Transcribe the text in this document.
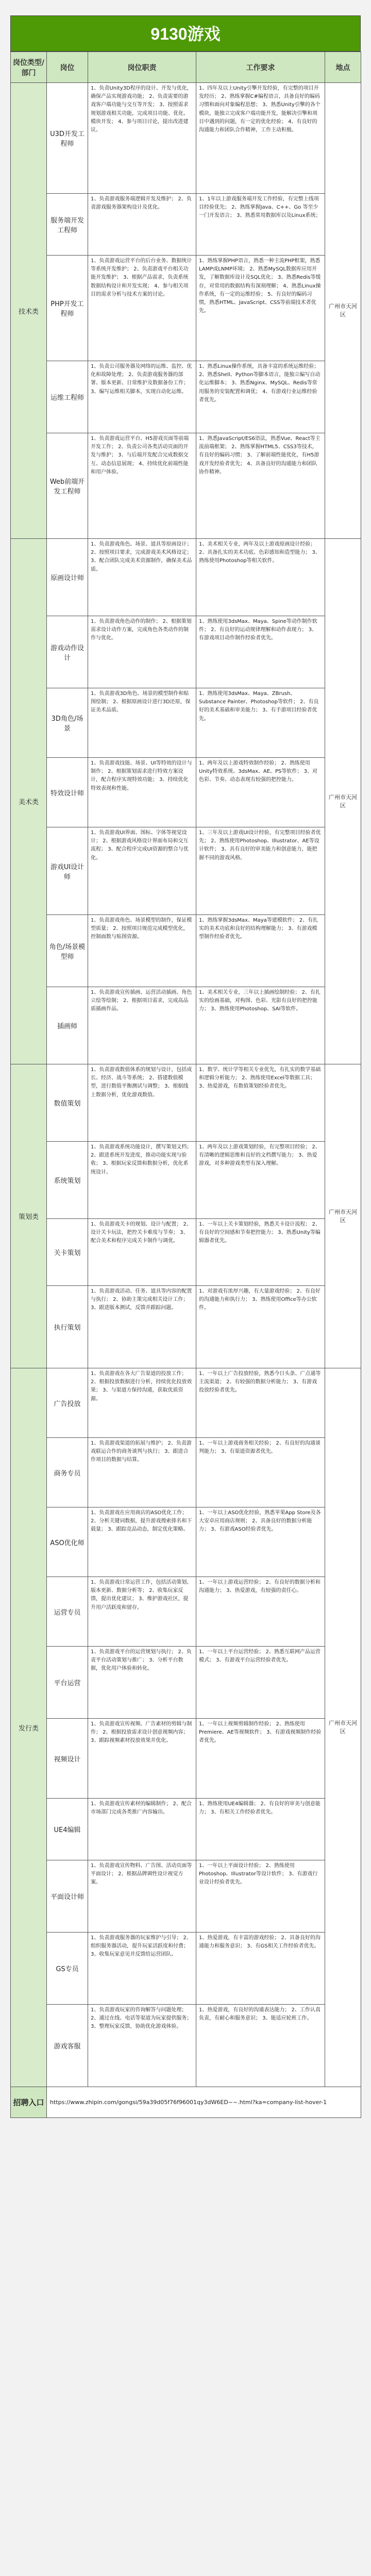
9130游戏
岗位类型/部门	岗位	岗位职责	工作要求	地点
技术类	U3D开发工程师	1、负责Unity3D程序的设计、开发与优化，确保产品实现游戏功能； 2、负责需要的游戏客户端功能与交互等开发； 3、按照需求规划游戏相关功能，完成项目功能、优化、模块开发； 4、参与项目讨论，提出改进建议。	1、四年及以上Unity引擎开发经验，有完整的项目开发经历； 2、熟练掌握C#编程语言，具备良好的编码习惯和面向对象编程思想； 3、熟悉Unity引擎的各个模块，能独立完成客户端功能开发，能解决引擎和项目中遇到的问题，有一定的优化经验； 4、有良好的沟通能力和团队合作精神，工作主动积极。	广州市天河区
	服务端开发工程师	1、负责游戏服务端逻辑开发及维护； 2、负责游戏服务器架构设计及优化。	1、1年以上游戏服务端开发工作经验，有完整上线项目经验优先； 2、熟练掌握Java、C++、Go 等至少一门开发语言； 3、熟悉常用数据库以及Linux系统；	
	PHP开发工程师	1、负责游戏运营平台的后台业务、数据统计等系统开发维护； 2、负责游戏平台相关功能开发维护； 3、根据产品需求，负责系统数据结构设计和开发实现； 4、参与相关项目的需求分析与技术方案的讨论。	1、熟练掌握PHP语言，熟悉一种主流PHP框架，熟悉LAMP或LNMP环境； 2、熟悉MySQL数据库应用开发，了解数据库设计及SQL优化； 3、熟悉Redis等缓存，对常用的数据结构有深刻理解； 4、熟悉Linux操作系统，有一定的运维经验； 5、有良好的编码习惯，熟悉HTML、JavaScript、CSS等前端技术者优先。	
	运维工程师	1、负责公司服务器及网络的运维、监控、优化和故障处理； 2、负责游戏服务器的部署、版本更新、日常维护及数据备份工作； 3、编写运维相关脚本，实现自动化运维。	1、熟悉Linux操作系统，具备丰富的系统运维经验； 2、熟悉Shell、Python等脚本语言，能独立编写自动化运维脚本； 3、熟悉Nginx、MySQL、Redis等常用服务的安装配置和调优； 4、有游戏行业运维经验者优先。	
	Web前端开发工程师	1、负责游戏运营平台、H5游戏页面等前端开发工作； 2、负责公司各类活动页面的开发与维护； 3、与后端开发配合完成数据交互、动态信息展现； 4、持续优化前端性能和用户体验。	1、熟悉JavaScript/ES6语法，熟悉Vue、React等主流前端框架； 2、熟练掌握HTML5、CSS3等技术，有良好的编码习惯； 3、了解前端性能优化，有H5游戏开发经验者优先； 4、具备良好的沟通能力和团队协作精神。	
美术类	原画设计师	1、负责游戏角色、场景、道具等原画设计； 2、按照项目要求，完成游戏美术风格设定； 3、配合团队完成美术资源制作，确保美术品质。	1、美术相关专业，两年及以上游戏原画设计经验； 2、具备扎实的美术功底、色彩感知和造型能力； 3、熟练使用Photoshop等相关软件。	广州市天河区
	游戏动作设计	1、负责游戏角色动作的制作； 2、根据策划需求设计动作方案，完成角色各类动作的制作与优化。	1、熟练使用3dsMax、Maya、Spine等动作制作软件； 2、有良好的运动规律理解和动作表现力； 3、有游戏项目动作制作经验者优先。	
	3D角色/场景	1、负责游戏3D角色、场景的模型制作和贴图绘制； 2、根据原画设计进行3D还原，保证美术品质。	1、熟练使用3dsMax、Maya、ZBrush、Substance Painter、Photoshop等软件； 2、有良好的美术基础和审美能力； 3、有手游项目经验者优先。	
	特效设计师	1、负责游戏技能、场景、UI等特效的设计与制作； 2、根据策划需求进行特效方案设计，配合程序实现特效功能； 3、持续优化特效表现和性能。	1、两年及以上游戏特效制作经验； 2、熟练使用Unity特效系统、3dsMax、AE、PS等软件； 3、对色彩、节奏、动态表现有较强的把控能力。	
	游戏UI设计师	1、负责游戏UI界面、图标、字体等视觉设计； 2、根据游戏风格设计界面布局和交互流程； 3、配合程序完成UI资源的整合与优化。	1、三年及以上游戏UI设计经验，有完整项目经验者优先； 2、熟练使用Photoshop、Illustrator、AE等设计软件； 3、具有良好的审美能力和创意能力，能把握不同的游戏风格。	
	角色/场景模型师	1、负责游戏角色、场景模型的制作，保证模型质量； 2、按照项目规范完成模型优化，控制面数与贴图资源。	1、熟练掌握3dsMax、Maya等建模软件； 2、有扎实的美术功底和良好的结构理解能力； 3、有游戏模型制作经验者优先。	
	插画师	1、负责游戏宣传插画、运营活动插画、角色立绘等绘制； 2、根据项目需求，完成高品质插画作品。	1、美术相关专业，三年以上插画绘制经验； 2、有扎实的绘画基础，对构图、色彩、光影有良好的把控能力； 3、熟练使用Photoshop、SAI等软件。	
策划类	数值策划	1、负责游戏数值体系的规划与设计，包括成长、经济、战斗等系统； 2、搭建数值模型，进行数值平衡测试与调整； 3、根据线上数据分析，优化游戏数值。	1、数学、统计学等相关专业优先，有扎实的数学基础和逻辑分析能力； 2、熟练使用Excel等数据工具； 3、热爱游戏，有数值策划经验者优先。	广州市天河区
	系统策划	1、负责游戏系统功能设计，撰写策划文档； 2、跟进系统开发进度，推动功能实现与验收； 3、根据玩家反馈和数据分析，优化系统设计。	1、两年及以上游戏策划经验，有完整项目经验； 2、有清晰的逻辑思维和良好的文档撰写能力； 3、热爱游戏，对多种游戏类型有深入理解。	
	关卡策划	1、负责游戏关卡的规划、设计与配置； 2、设计关卡玩法，把控关卡难度与节奏； 3、配合美术和程序完成关卡制作与调优。	1、一年以上关卡策划经验，熟悉关卡设计流程； 2、有良好的空间感和节奏把控能力； 3、熟悉Unity等编辑器者优先。	
	执行策划	1、负责游戏活动、任务、道具等内容的配置与执行； 2、协助主策完成相关设计工作； 3、跟进版本测试，反馈并跟踪问题。	1、对游戏有浓厚兴趣，有大量游戏经验； 2、有良好的沟通能力和执行力； 3、熟练使用Office等办公软件。	
发行类	广告投放	1、负责游戏在各大广告渠道的投放工作； 2、根据投放数据进行分析，持续优化投放效果； 3、与渠道方保持沟通，获取优质资源。	1、一年以上广告投放经验，熟悉今日头条、广点通等主流渠道； 2、有较强的数据分析能力； 3、有游戏投放经验者优先。	广州市天河区
	商务专员	1、负责游戏渠道的拓展与维护； 2、负责游戏联运合作的商务谈判与执行； 3、跟进合作项目的数据与结算。	1、一年以上游戏商务相关经验； 2、有良好的沟通谈判能力； 3、有渠道资源者优先。	
	ASO优化师	1、负责游戏在应用商店的ASO优化工作； 2、分析关键词数据，提升游戏搜索排名和下载量； 3、跟踪竞品动态，制定优化策略。	1、一年以上ASO优化经验，熟悉苹果App Store及各大安卓应用商店规则； 2、具备良好的数据分析能力； 3、有游戏ASO经验者优先。	
	运营专员	1、负责游戏日常运营工作，包括活动策划、版本更新、数据分析等； 2、收集玩家反馈，提出优化建议； 3、维护游戏社区，提升用户活跃度和留存。	1、一年以上游戏运营经验； 2、有良好的数据分析和沟通能力； 3、热爱游戏，有较强的责任心。	
	平台运营	1、负责游戏平台的运营规划与执行； 2、负责平台活动策划与推广； 3、分析平台数据，优化用户体验和转化。	1、一年以上平台运营经验； 2、熟悉互联网产品运营模式； 3、有游戏平台运营经验者优先。	
	视频设计	1、负责游戏宣传视频、广告素材的剪辑与制作； 2、根据投放需求设计创意视频内容； 3、跟踪视频素材投放效果并优化。	1、一年以上视频剪辑制作经验； 2、熟练使用Premiere、AE等视频软件； 3、有游戏视频制作经验者优先。	
	UE4编辑	1、负责游戏宣传素材的编辑制作； 2、配合市场部门完成各类推广内容输出。	1、熟练使用UE4编辑器； 2、有良好的审美与创意能力； 3、有相关工作经验者优先。	
	平面设计师	1、负责游戏宣传物料、广告图、活动页面等平面设计； 2、根据品牌调性设计视觉方案。	1、一年以上平面设计经验； 2、熟练使用Photoshop、Illustrator等设计软件； 3、有游戏行业设计经验者优先。	
	GS专员	1、负责游戏服务器的玩家维护与引导； 2、组织服务器活动，提升玩家活跃度和付费； 3、收集玩家意见并反馈给运营团队。	1、热爱游戏，有丰富的游戏经验； 2、具备良好的沟通能力和服务意识； 3、有GS相关工作经验者优先。	
	游戏客服	1、负责游戏玩家的咨询解答与问题处理； 2、通过在线、电话等渠道为玩家提供服务； 3、整理玩家反馈，协助优化游戏体验。	1、热爱游戏，有良好的沟通表达能力； 2、工作认真负责，有耐心和服务意识； 3、能适应轮班工作。	
招聘入口	https://www.zhipin.com/gongsi/59a39d05f76f96001qy3dW6ED~~.html?ka=company-list-hover-1			
